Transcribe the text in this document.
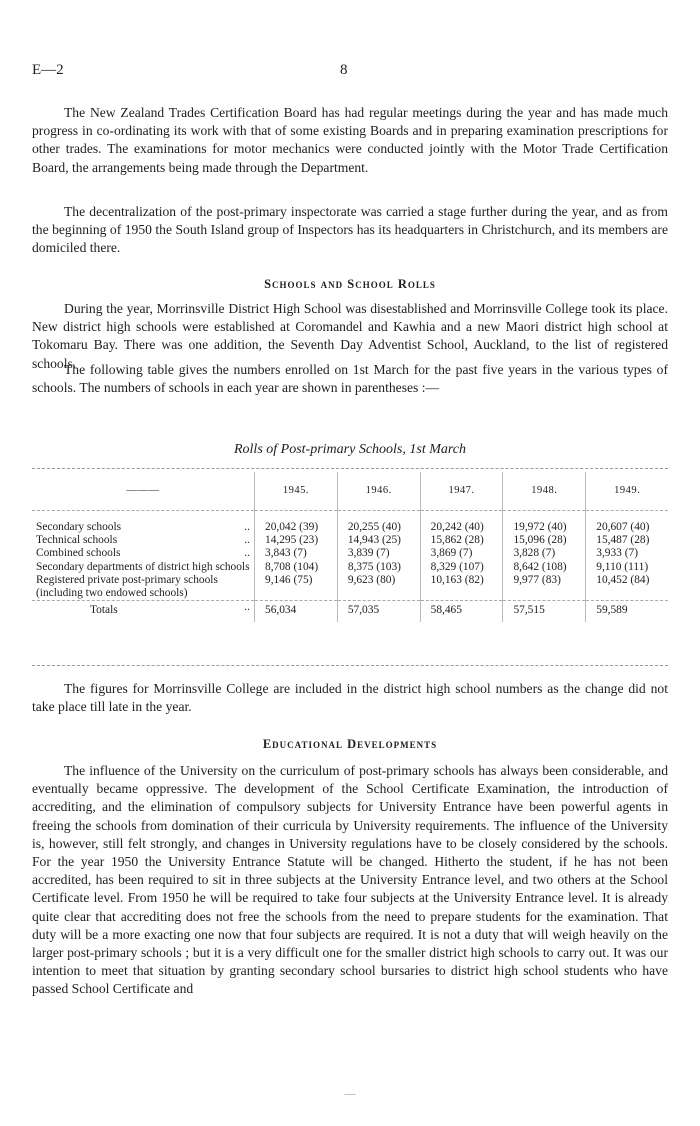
E—2	8

The New Zealand Trades Certification Board has had regular meetings during the year and has made much progress in co-ordinating its work with that of some existing Boards and in preparing examination prescriptions for other trades. The examinations for motor mechanics were conducted jointly with the Motor Trade Certification Board, the arrangements being made through the Department.

The decentralization of the post-primary inspectorate was carried a stage further during the year, and as from the beginning of 1950 the South Island group of Inspectors has its headquarters in Christchurch, and its members are domiciled there.

Schools and School Rolls

During the year, Morrinsville District High School was disestablished and Morrinsville College took its place. New district high schools were established at Coromandel and Kawhia and a new Maori district high school at Tokomaru Bay. There was one addition, the Seventh Day Adventist School, Auckland, to the list of registered schools.

The following table gives the numbers enrolled on 1st March for the past five years in the various types of schools. The numbers of schools in each year are shown in parentheses :—

Rolls of Post-primary Schools, 1st March

———	1945.	1946.	1947.	1948.	1949.

Secondary schools ..	20,042 (39)	20,255 (40)	20,242 (40)	19,972 (40)	20,607 (40)
Technical schools ..	14,295 (23)	14,943 (25)	15,862 (28)	15,096 (28)	15,487 (28)
Combined schools ..	3,843 (7)	3,839 (7)	3,869 (7)	3,828 (7)	3,933 (7)
Secondary departments of district high schools	8,708 (104)	8,375 (103)	8,329 (107)	8,642 (108)	9,110 (111)
Registered private post-primary schools (including two endowed schools)	9,146 (75)	9,623 (80)	10,163 (82)	9,977 (83)	10,452 (84)
Totals ..	56,034	57,035	58,465	57,515	59,589

The figures for Morrinsville College are included in the district high school numbers as the change did not take place till late in the year.

Educational Developments

The influence of the University on the curriculum of post-primary schools has always been considerable, and eventually became oppressive. The development of the School Certificate Examination, the introduction of accrediting, and the elimination of compulsory subjects for University Entrance have been powerful agents in freeing the schools from domination of their curricula by University requirements. The influence of the University is, however, still felt strongly, and changes in University regulations have to be closely considered by the schools. For the year 1950 the University Entrance Statute will be changed. Hitherto the student, if he has not been accredited, has been required to sit in three subjects at the University Entrance level, and two others at the School Certificate level. From 1950 he will be required to take four subjects at the University Entrance level. It is already quite clear that accrediting does not free the schools from the need to prepare students for the examination. That duty will be a more exacting one now that four subjects are required. It is not a duty that will weigh heavily on the larger post-primary schools ; but it is a very difficult one for the smaller district high schools to carry out. It was our intention to meet that situation by granting secondary school bursaries to district high school students who have passed School Certificate and

—
